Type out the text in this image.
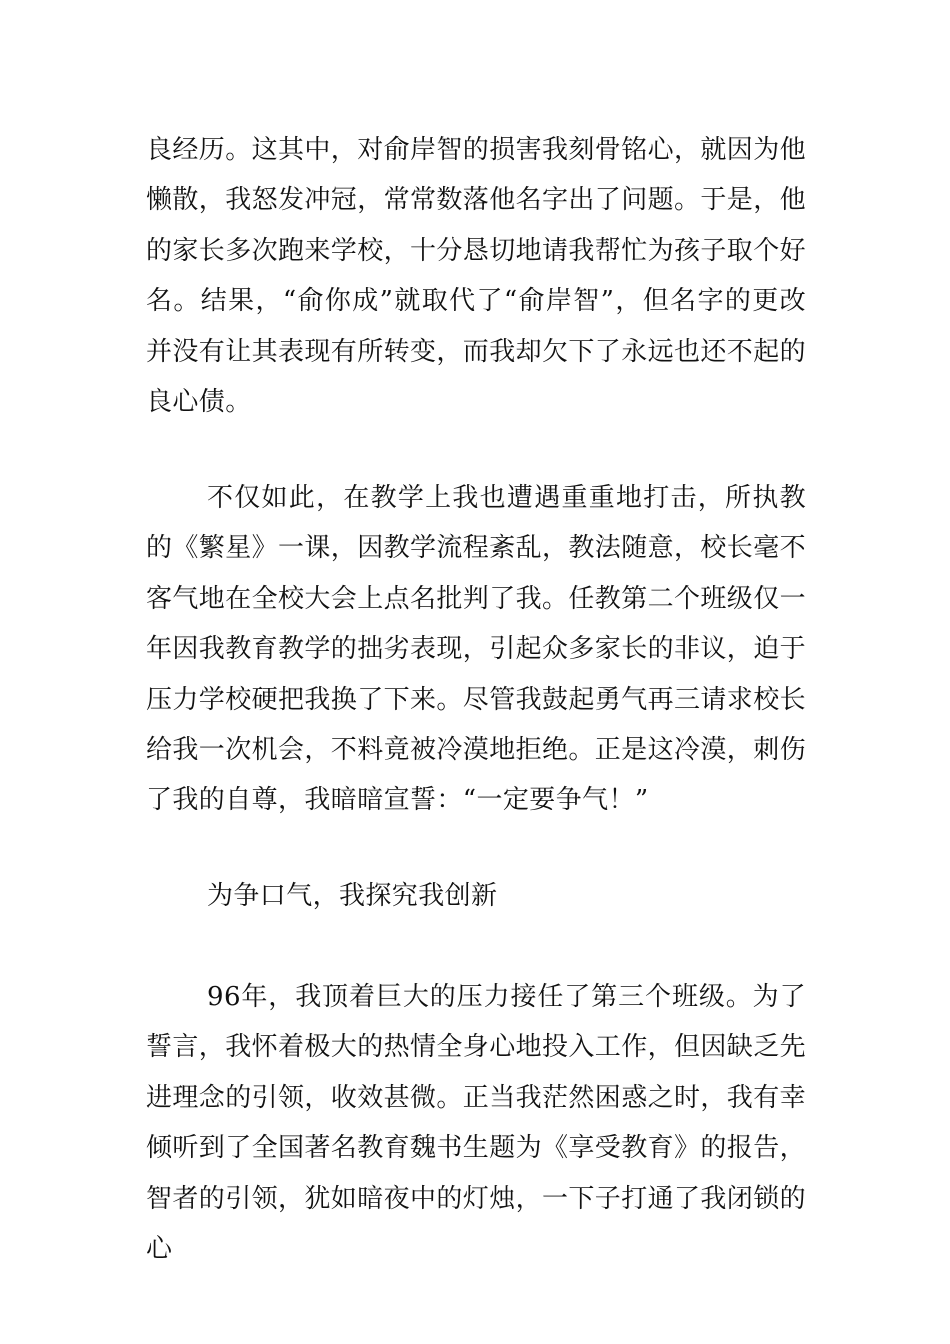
良经历。这其中，对俞岸智的损害我刻骨铭心，就因为他懒散，我怒发冲冠，常常数落他名字出了问题。于是，他的家长多次跑来学校，十分恳切地请我帮忙为孩子取个好名。结果，“俞你成”就取代了“俞岸智”，但名字的更改并没有让其表现有所转变，而我却欠下了永远也还不起的良心债。

不仅如此，在教学上我也遭遇重重地打击，所执教的《繁星》一课，因教学流程紊乱，教法随意，校长毫不客气地在全校大会上点名批判了我。任教第二个班级仅一年因我教育教学的拙劣表现，引起众多家长的非议，迫于压力学校硬把我换了下来。尽管我鼓起勇气再三请求校长给我一次机会，不料竟被冷漠地拒绝。正是这冷漠，刺伤了我的自尊，我暗暗宣誓：“一定要争气！”

为争口气，我探究我创新

96年，我顶着巨大的压力接任了第三个班级。为了誓言，我怀着极大的热情全身心地投入工作，但因缺乏先进理念的引领，收效甚微。正当我茫然困惑之时，我有幸倾听到了全国著名教育魏书生题为《享受教育》的报告，智者的引领，犹如暗夜中的灯烛，一下子打通了我闭锁的心
